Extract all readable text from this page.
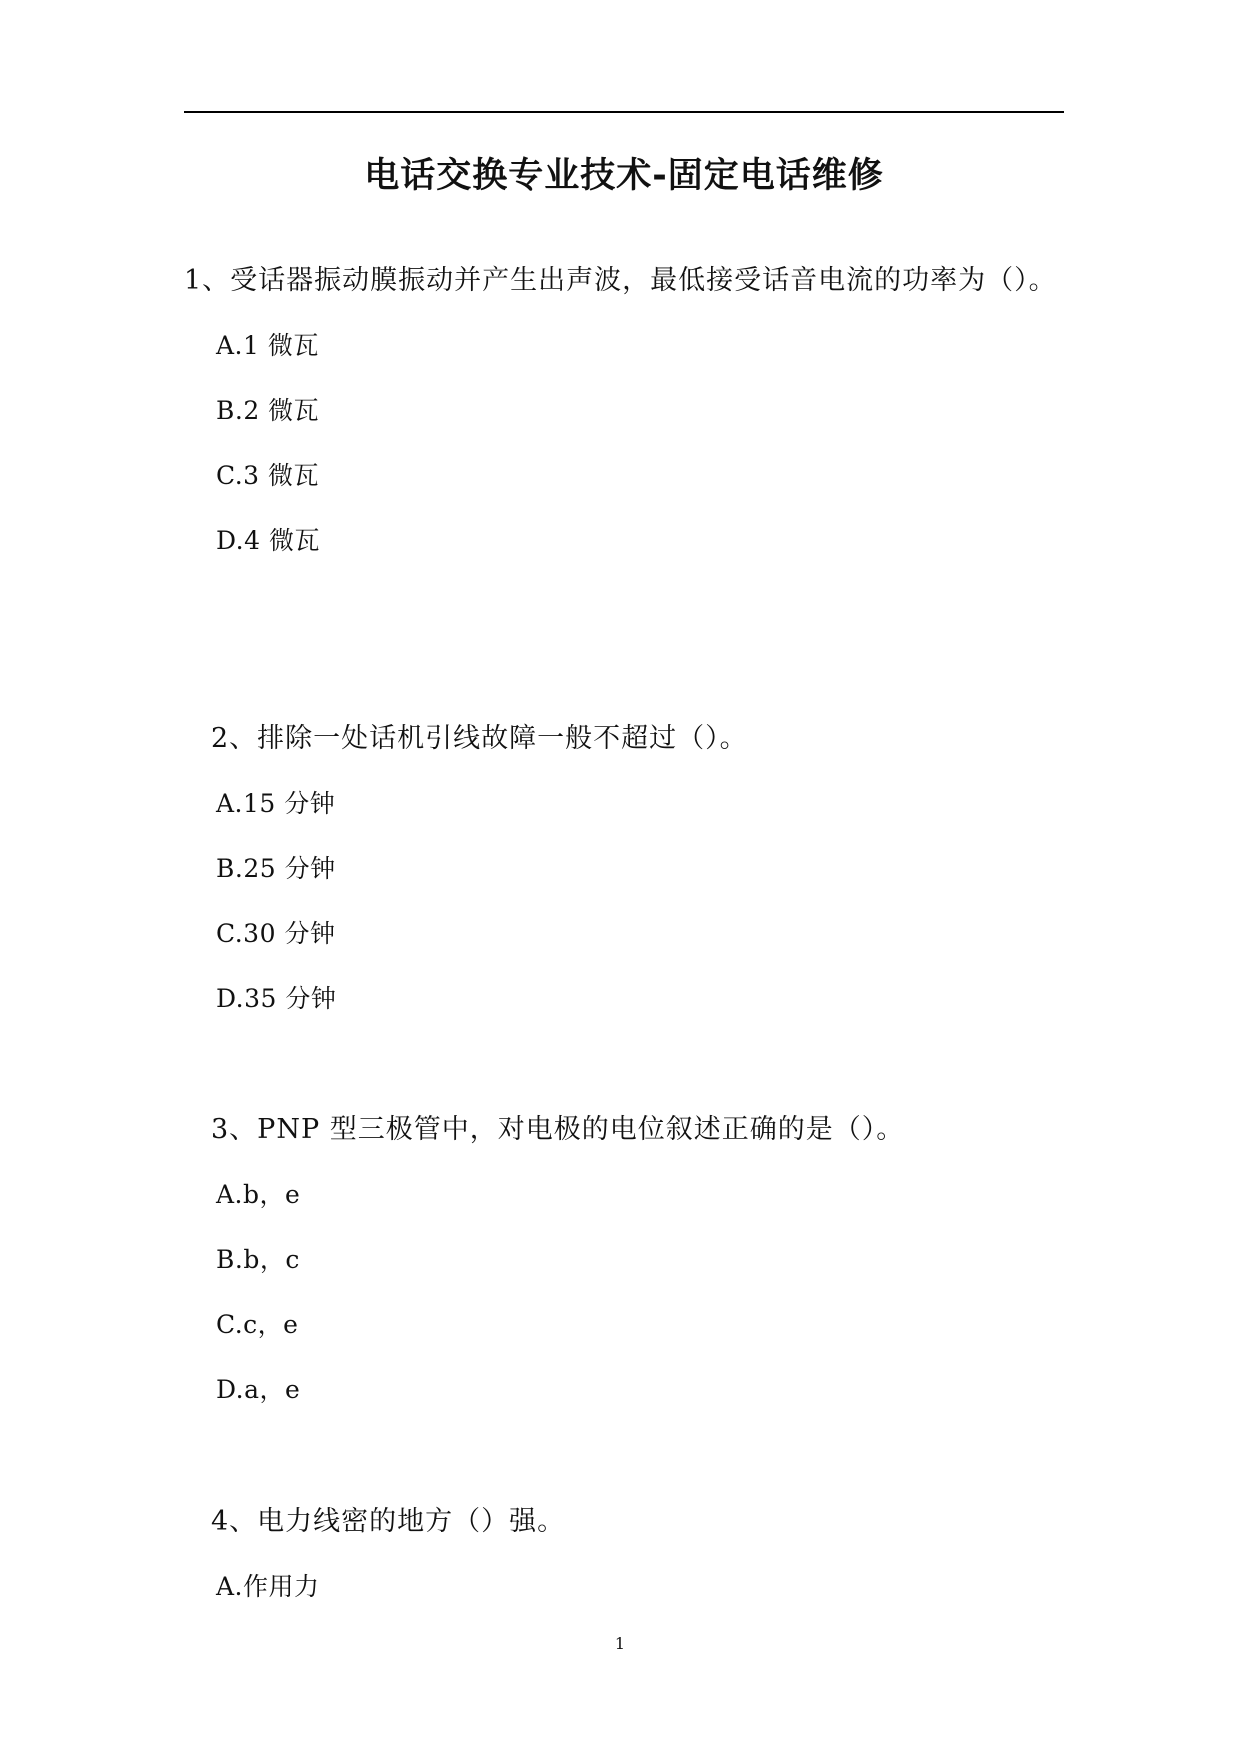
电话交换专业技术-固定电话维修
1、受话器振动膜振动并产生出声波，最低接受话音电流的功率为（）。
A.1 微瓦
B.2 微瓦
C.3 微瓦
D.4 微瓦
2、排除一处话机引线故障一般不超过（）。
A.15 分钟
B.25 分钟
C.30 分钟
D.35 分钟
3、PNP 型三极管中，对电极的电位叙述正确的是（）。
A.b，e
B.b，c
C.c，e
D.a，e
4、电力线密的地方（）强。
A.作用力
1
